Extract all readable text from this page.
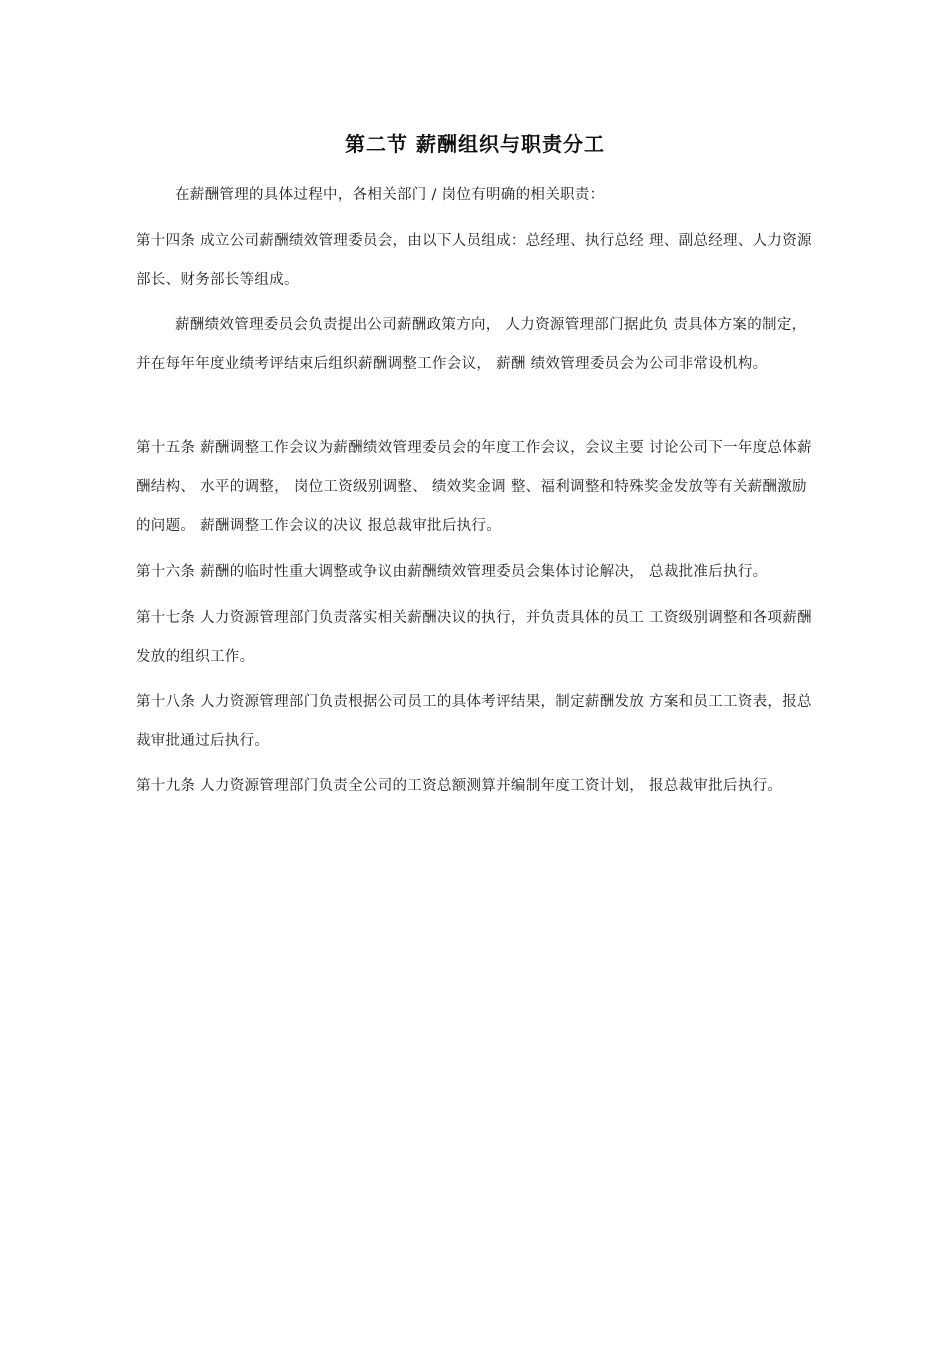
第二节 薪酬组织与职责分工

在薪酬管理的具体过程中，各相关部门 / 岗位有明确的相关职责：

第十四条 成立公司薪酬绩效管理委员会，由以下人员组成：总经理、执行总经 理、副总经理、人力资源部长、财务部长等组成。

薪酬绩效管理委员会负责提出公司薪酬政策方向， 人力资源管理部门据此负 责具体方案的制定， 并在每年年度业绩考评结束后组织薪酬调整工作会议， 薪酬 绩效管理委员会为公司非常设机构。

第十五条 薪酬调整工作会议为薪酬绩效管理委员会的年度工作会议，会议主要 讨论公司下一年度总体薪酬结构、 水平的调整， 岗位工资级别调整、 绩效奖金调 整、福利调整和特殊奖金发放等有关薪酬激励的问题。 薪酬调整工作会议的决议 报总裁审批后执行。

第十六条 薪酬的临时性重大调整或争议由薪酬绩效管理委员会集体讨论解决， 总裁批准后执行。

第十七条 人力资源管理部门负责落实相关薪酬决议的执行，并负责具体的员工 工资级别调整和各项薪酬发放的组织工作。

第十八条 人力资源管理部门负责根据公司员工的具体考评结果，制定薪酬发放 方案和员工工资表，报总裁审批通过后执行。

第十九条 人力资源管理部门负责全公司的工资总额测算并编制年度工资计划， 报总裁审批后执行。
